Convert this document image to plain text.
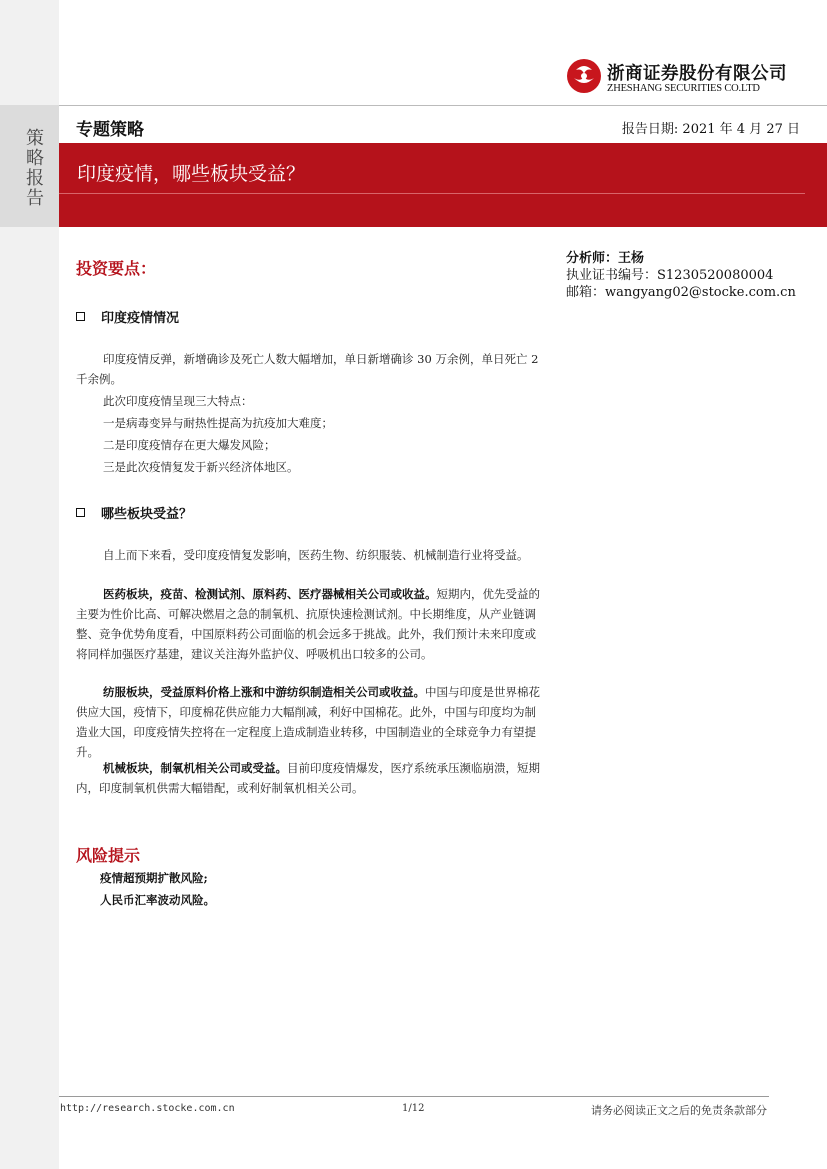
策略报告
浙商证券股份有限公司
ZHESHANG SECURITIES CO.LTD
专题策略	报告日期: 2021 年 4 月 27 日
印度疫情，哪些板块受益？
分析师：王杨
执业证书编号：S1230520080004
邮箱：wangyang02@stocke.com.cn
投资要点：
印度疫情情况
印度疫情反弹，新增确诊及死亡人数大幅增加，单日新增确诊 30 万余例，单日死亡 2 千余例。
此次印度疫情呈现三大特点：
一是病毒变异与耐热性提高为抗疫加大难度；
二是印度疫情存在更大爆发风险；
三是此次疫情复发于新兴经济体地区。
哪些板块受益？
自上而下来看，受印度疫情复发影响，医药生物、纺织服装、机械制造行业将受益。
医药板块，疫苗、检测试剂、原料药、医疗器械相关公司或收益。短期内，优先受益的主要为性价比高、可解决燃眉之急的制氧机、抗原快速检测试剂。中长期维度，从产业链调整、竞争优势角度看，中国原料药公司面临的机会远多于挑战。此外，我们预计未来印度或将同样加强医疗基建，建议关注海外监护仪、呼吸机出口较多的公司。
纺服板块，受益原料价格上涨和中游纺织制造相关公司或收益。中国与印度是世界棉花供应大国，疫情下，印度棉花供应能力大幅削减，利好中国棉花。此外，中国与印度均为制造业大国，印度疫情失控将在一定程度上造成制造业转移，中国制造业的全球竞争力有望提升。
机械板块，制氧机相关公司或受益。目前印度疫情爆发，医疗系统承压濒临崩溃，短期内，印度制氧机供需大幅错配，或利好制氧机相关公司。
风险提示
疫情超预期扩散风险;
人民币汇率波动风险。
http://research.stocke.com.cn	1/12	请务必阅读正文之后的免责条款部分
